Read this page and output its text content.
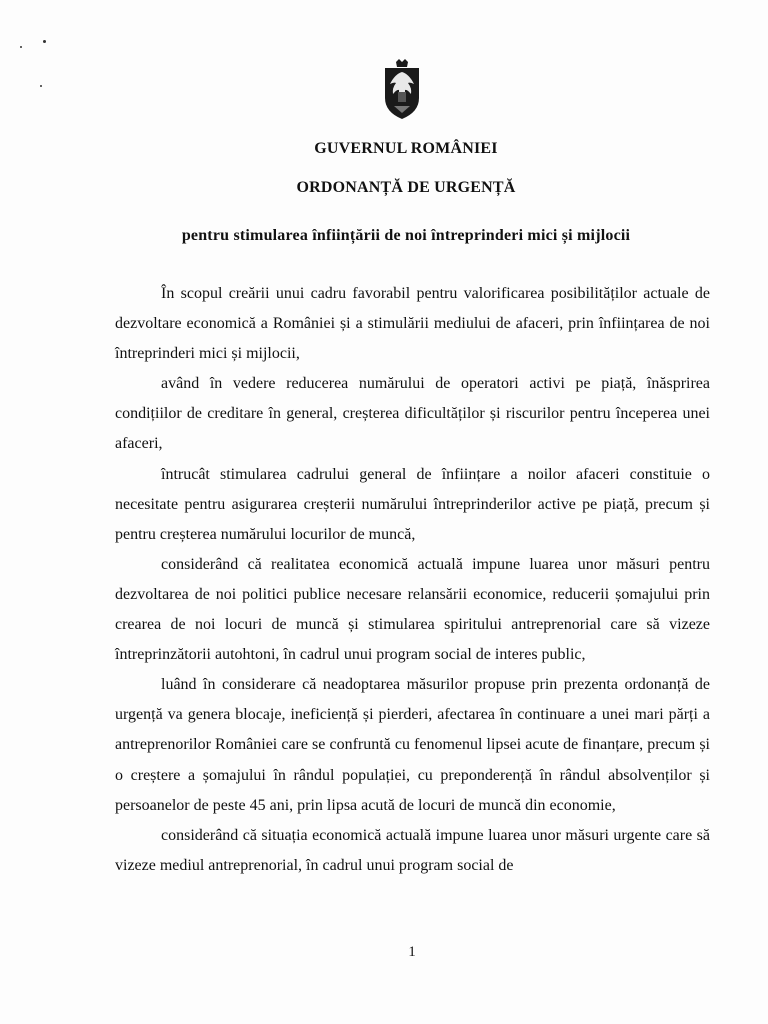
GUVERNUL ROMÂNIEI
ORDONANȚĂ DE URGENȚĂ
pentru stimularea înființării de noi întreprinderi mici și mijlocii

În scopul creării unui cadru favorabil pentru valorificarea posibilităților actuale de dezvoltare economică a României și a stimulării mediului de afaceri, prin înființarea de noi întreprinderi mici și mijlocii,

având în vedere reducerea numărului de operatori activi pe piață, înăsprirea condițiilor de creditare în general, creșterea dificultăților și riscurilor pentru începerea unei afaceri,

întrucât stimularea cadrului general de înființare a noilor afaceri constituie o necesitate pentru asigurarea creșterii numărului întreprinderilor active pe piață, precum și pentru creșterea numărului locurilor de muncă,

considerând că realitatea economică actuală impune luarea unor măsuri pentru dezvoltarea de noi politici publice necesare relansării economice, reducerii șomajului prin crearea de noi locuri de muncă și stimularea spiritului antreprenorial care să vizeze întreprinzătorii autohtoni, în cadrul unui program social de interes public,

luând în considerare că neadoptarea măsurilor propuse prin prezenta ordonanță de urgență va genera blocaje, ineficiență și pierderi, afectarea în continuare a unei mari părți a antreprenorilor României care se confruntă cu fenomenul lipsei acute de finanțare, precum și o creștere a șomajului în rândul populației, cu preponderență în rândul absolvenților și persoanelor de peste 45 ani, prin lipsa acută de locuri de muncă din economie,

considerând că situația economică actuală impune luarea unor măsuri urgente care să vizeze mediul antreprenorial, în cadrul unui program social de

1
